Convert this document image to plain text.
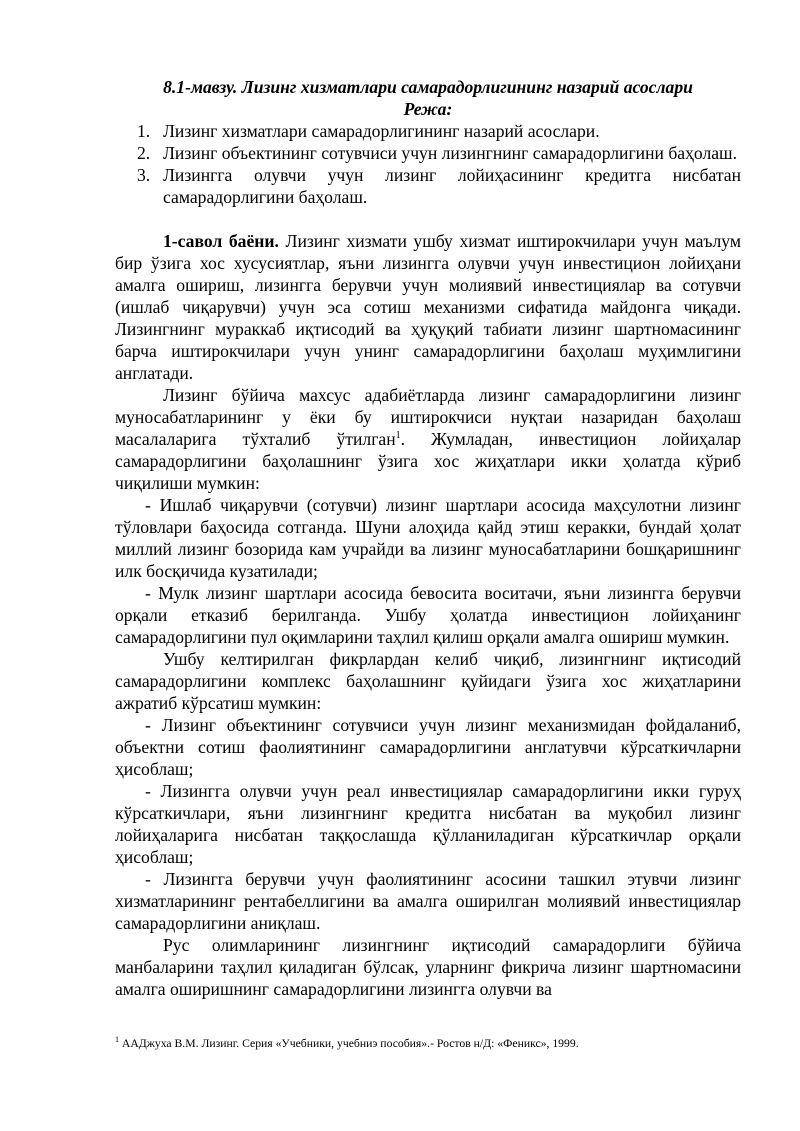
8.1-мавзу. Лизинг хизматлари самарадорлигининг назарий асослари

Режа:

1. Лизинг хизматлари самарадорлигининг назарий асослари.
2. Лизинг объектининг сотувчиси учун лизингнинг самарадорлигини баҳолаш.
3. Лизингга олувчи учун лизинг лойиҳасининг кредитга нисбатан самарадорлигини баҳолаш.

1-савол баёни. Лизинг хизмати ушбу хизмат иштирокчилари учун маълум бир ўзига хос хусусиятлар, яъни лизингга олувчи учун инвестицион лойиҳани амалга ошириш, лизингга берувчи учун молиявий инвестициялар ва сотувчи (ишлаб чиқарувчи) учун эса сотиш механизми сифатида майдонга чиқади. Лизингнинг мураккаб иқтисодий ва ҳуқуқий табиати лизинг шартномасининг барча иштирокчилари учун унинг самарадорлигини баҳолаш муҳимлигини англатади.

Лизинг бўйича махсус адабиётларда лизинг самарадорлигини лизинг муносабатларининг у ёки бу иштирокчиси нуқтаи назаридан баҳолаш масалаларига тўхталиб ўтилган$^1$. Жумладан, инвестицион лойиҳалар самарадорлигини баҳолашнинг ўзига хос жиҳатлари икки ҳолатда кўриб чиқилиши мумкин:

- Ишлаб чиқарувчи (сотувчи) лизинг шартлари асосида маҳсулотни лизинг тўловлари баҳосида сотганда. Шуни алоҳида қайд этиш керакки, бундай ҳолат миллий лизинг бозорида кам учрайди ва лизинг муносабатларини бошқаришнинг илк босқичида кузатилади;

- Мулк лизинг шартлари асосида бевосита воситачи, яъни лизингга берувчи орқали етказиб берилганда. Ушбу ҳолатда инвестицион лойиҳанинг самарадорлигини пул оқимларини таҳлил қилиш орқали амалга ошириш мумкин.

Ушбу келтирилган фикрлардан келиб чиқиб, лизингнинг иқтисодий самарадорлигини комплекс баҳолашнинг қуйидаги ўзига хос жиҳатларини ажратиб кўрсатиш мумкин:

- Лизинг объектининг сотувчиси учун лизинг механизмидан фойдаланиб, объектни сотиш фаолиятининг самарадорлигини англатувчи кўрсаткичларни ҳисоблаш;

- Лизингга олувчи учун реал инвестициялар самарадорлигини икки гуруҳ кўрсаткичлари, яъни лизингнинг кредитга нисбатан ва муқобил лизинг лойиҳаларига нисбатан таққослашда қўлланиладиган кўрсаткичлар орқали ҳисоблаш;

- Лизингга берувчи учун фаолиятининг асосини ташкил этувчи лизинг хизматларининг рентабеллигини ва амалга оширилган молиявий инвестициялар самарадорлигини аниқлаш.

Рус олимларининг лизингнинг иқтисодий самарадорлиги бўйича манбаларини таҳлил қиладиган бўлсак, уларнинг фикрича лизинг шартномасини амалга оширишнинг самарадорлигини лизингга олувчи ва

$^1$ ААДжуха В.М. Лизинг. Серия «Учебники, учебниэ пособия».- Ростов н/Д: «Феникс», 1999.
